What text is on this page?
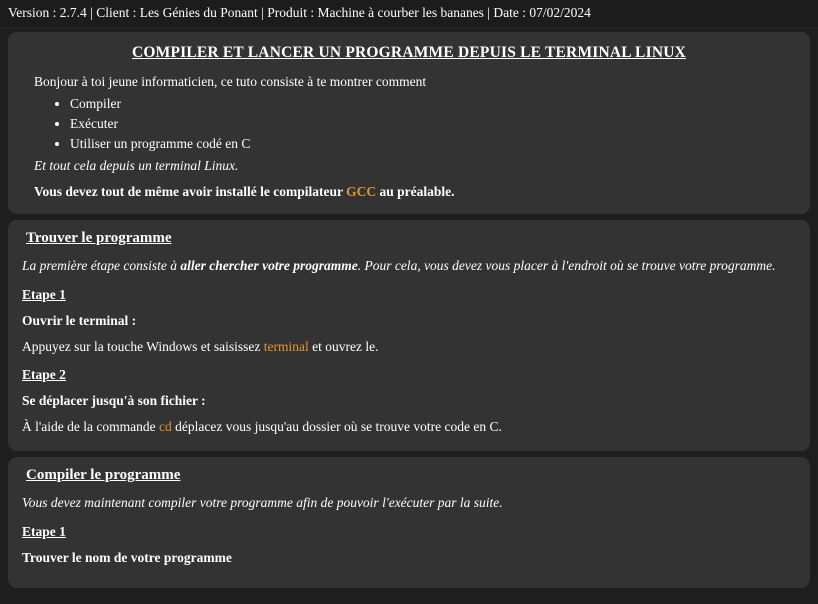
Version : 2.7.4 | Client : Les Génies du Ponant | Produit : Machine à courber les bananes | Date : 07/02/2024
COMPILER ET LANCER UN PROGRAMME DEPUIS LE TERMINAL LINUX
Bonjour à toi jeune informaticien, ce tuto consiste à te montrer comment
• Compiler
• Exécuter
• Utiliser un programme codé en C
Et tout cela depuis un terminal Linux.
Vous devez tout de même avoir installé le compilateur GCC au préalable.
Trouver le programme
La première étape consiste à aller chercher votre programme. Pour cela, vous devez vous placer à l'endroit où se trouve votre programme.
Etape 1
Ouvrir le terminal :
Appuyez sur la touche Windows et saisissez terminal et ouvrez le.
Etape 2
Se déplacer jusqu'à son fichier :
À l'aide de la commande cd déplacez vous jusqu'au dossier où se trouve votre code en C.
Compiler le programme
Vous devez maintenant compiler votre programme afin de pouvoir l'exécuter par la suite.
Etape 1
Trouver le nom de votre programme
